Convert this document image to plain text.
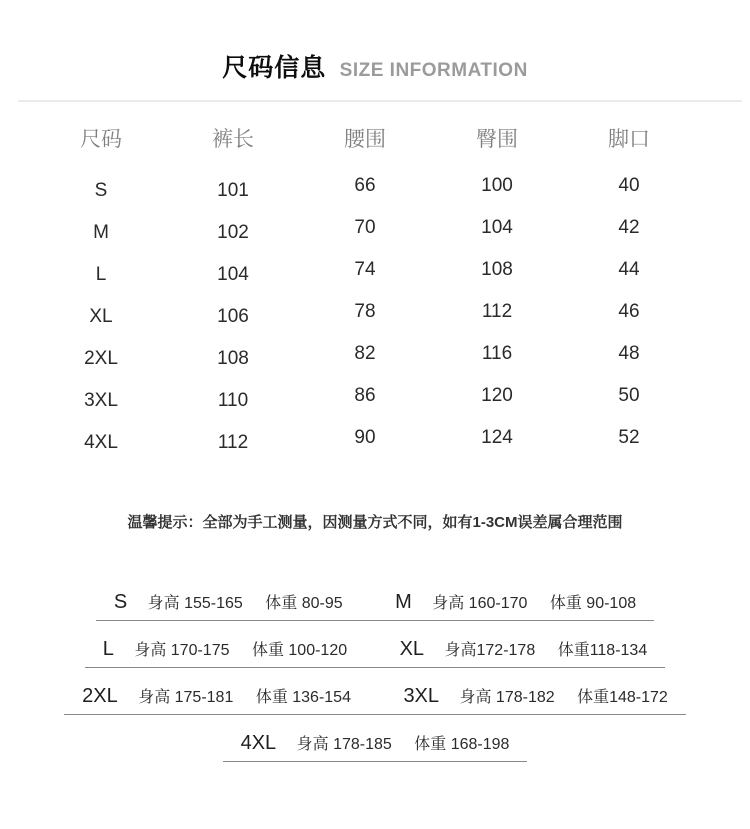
尺码信息 SIZE INFORMATION
尺码	裤长	腰围	臀围	脚口
S	101	66	100	40
M	102	70	104	42
L	104	74	108	44
XL	106	78	112	46
2XL	108	82	116	48
3XL	110	86	120	50
4XL	112	90	124	52

温馨提示：全部为手工测量，因测量方式不同，如有1-3CM误差属合理范围

S 身高 155-165 体重 80-95	M 身高 160-170 体重 90-108
L 身高 170-175 体重 100-120	XL 身高172-178 体重118-134
2XL 身高 175-181 体重 136-154	3XL 身高 178-182 体重148-172
4XL 身高 178-185 体重 168-198
